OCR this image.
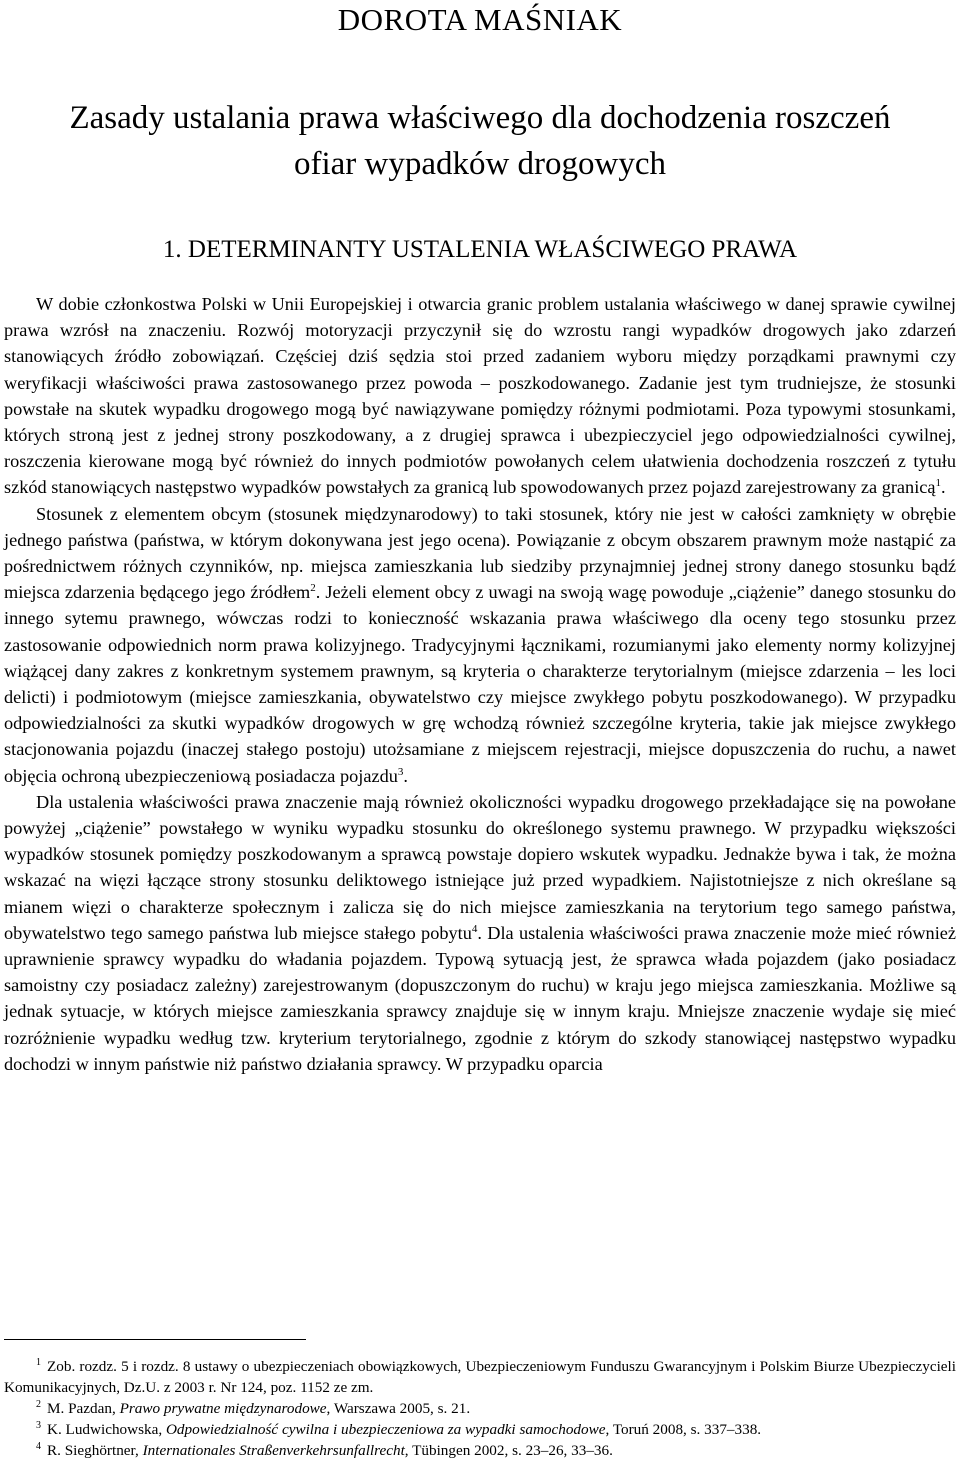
DOROTA MAŚNIAK
Zasady ustalania prawa właściwego dla dochodzenia roszczeń
ofiar wypadków drogowych
1. DETERMINANTY USTALENIA WŁAŚCIWEGO PRAWA

W dobie członkostwa Polski w Unii Europejskiej i otwarcia granic problem ustalania właściwego w danej sprawie cywilnej prawa wzrósł na znaczeniu. Rozwój motoryzacji przyczynił się do wzrostu rangi wypadków drogowych jako zdarzeń stanowiących źródło zobowiązań. Częściej dziś sędzia stoi przed zadaniem wyboru między porządkami prawnymi czy weryfikacji właściwości prawa zastosowanego przez powoda – poszkodowanego. Zadanie jest tym trudniejsze, że stosunki powstałe na skutek wypadku drogowego mogą być nawiązywane pomiędzy różnymi podmiotami. Poza typowymi stosunkami, których stroną jest z jednej strony poszkodowany, a z drugiej sprawca i ubezpieczyciel jego odpowiedzialności cywilnej, roszczenia kierowane mogą być również do innych podmiotów powołanych celem ułatwienia dochodzenia roszczeń z tytułu szkód stanowiących następstwo wypadków powstałych za granicą lub spowodowanych przez pojazd zarejestrowany za granicą$^1$.

Stosunek z elementem obcym (stosunek międzynarodowy) to taki stosunek, który nie jest w całości zamknięty w obrębie jednego państwa (państwa, w którym dokonywana jest jego ocena). Powiązanie z obcym obszarem prawnym może nastąpić za pośrednictwem różnych czynników, np. miejsca zamieszkania lub siedziby przynajmniej jednej strony danego stosunku bądź miejsca zdarzenia będącego jego źródłem$^2$. Jeżeli element obcy z uwagi na swoją wagę powoduje „ciążenie” danego stosunku do innego sytemu prawnego, wówczas rodzi to konieczność wskazania prawa właściwego dla oceny tego stosunku przez zastosowanie odpowiednich norm prawa kolizyjnego. Tradycyjnymi łącznikami, rozumianymi jako elementy normy kolizyjnej wiążącej dany zakres z konkretnym systemem prawnym, są kryteria o charakterze terytorialnym (miejsce zdarzenia – les loci delicti) i podmiotowym (miejsce zamieszkania, obywatelstwo czy miejsce zwykłego pobytu poszkodowanego). W przypadku odpowiedzialności za skutki wypadków drogowych w grę wchodzą również szczególne kryteria, takie jak miejsce zwykłego stacjonowania pojazdu (inaczej stałego postoju) utożsamiane z miejscem rejestracji, miejsce dopuszczenia do ruchu, a nawet objęcia ochroną ubezpieczeniową posiadacza pojazdu$^3$.

Dla ustalenia właściwości prawa znaczenie mają również okoliczności wypadku drogowego przekładające się na powołane powyżej „ciążenie” powstałego w wyniku wypadku stosunku do określonego systemu prawnego. W przypadku większości wypadków stosunek pomiędzy poszkodowanym a sprawcą powstaje dopiero wskutek wypadku. Jednakże bywa i tak, że można wskazać na więzi łączące strony stosunku deliktowego istniejące już przed wypadkiem. Najistotniejsze z nich określane są mianem więzi o charakterze społecznym i zalicza się do nich miejsce zamieszkania na terytorium tego samego państwa, obywatelstwo tego samego państwa lub miejsce stałego pobytu$^4$. Dla ustalenia właściwości prawa znaczenie może mieć również uprawnienie sprawcy wypadku do władania pojazdem. Typową sytuacją jest, że sprawca włada pojazdem (jako posiadacz samoistny czy posiadacz zależny) zarejestrowanym (dopuszczonym do ruchu) w kraju jego miejsca zamieszkania. Możliwe są jednak sytuacje, w których miejsce zamieszkania sprawcy znajduje się w innym kraju. Mniejsze znaczenie wydaje się mieć rozróżnienie wypadku według tzw. kryterium terytorialnego, zgodnie z którym do szkody stanowiącej następstwo wypadku dochodzi w innym państwie niż państwo działania sprawcy. W przypadku oparcia

$^1$ Zob. rozdz. 5 i rozdz. 8 ustawy o ubezpieczeniach obowiązkowych, Ubezpieczeniowym Funduszu Gwarancyjnym i Polskim Biurze Ubezpieczycieli Komunikacyjnych, Dz.U. z 2003 r. Nr 124, poz. 1152 ze zm.

$^2$ M. Pazdan, Prawo prywatne międzynarodowe, Warszawa 2005, s. 21.

$^3$ K. Ludwichowska, Odpowiedzialność cywilna i ubezpieczeniowa za wypadki samochodowe, Toruń 2008, s. 337–338.

$^4$ R. Sieghörtner, Internationales Straßenverkehrsunfallrecht, Tübingen 2002, s. 23–26, 33–36.
